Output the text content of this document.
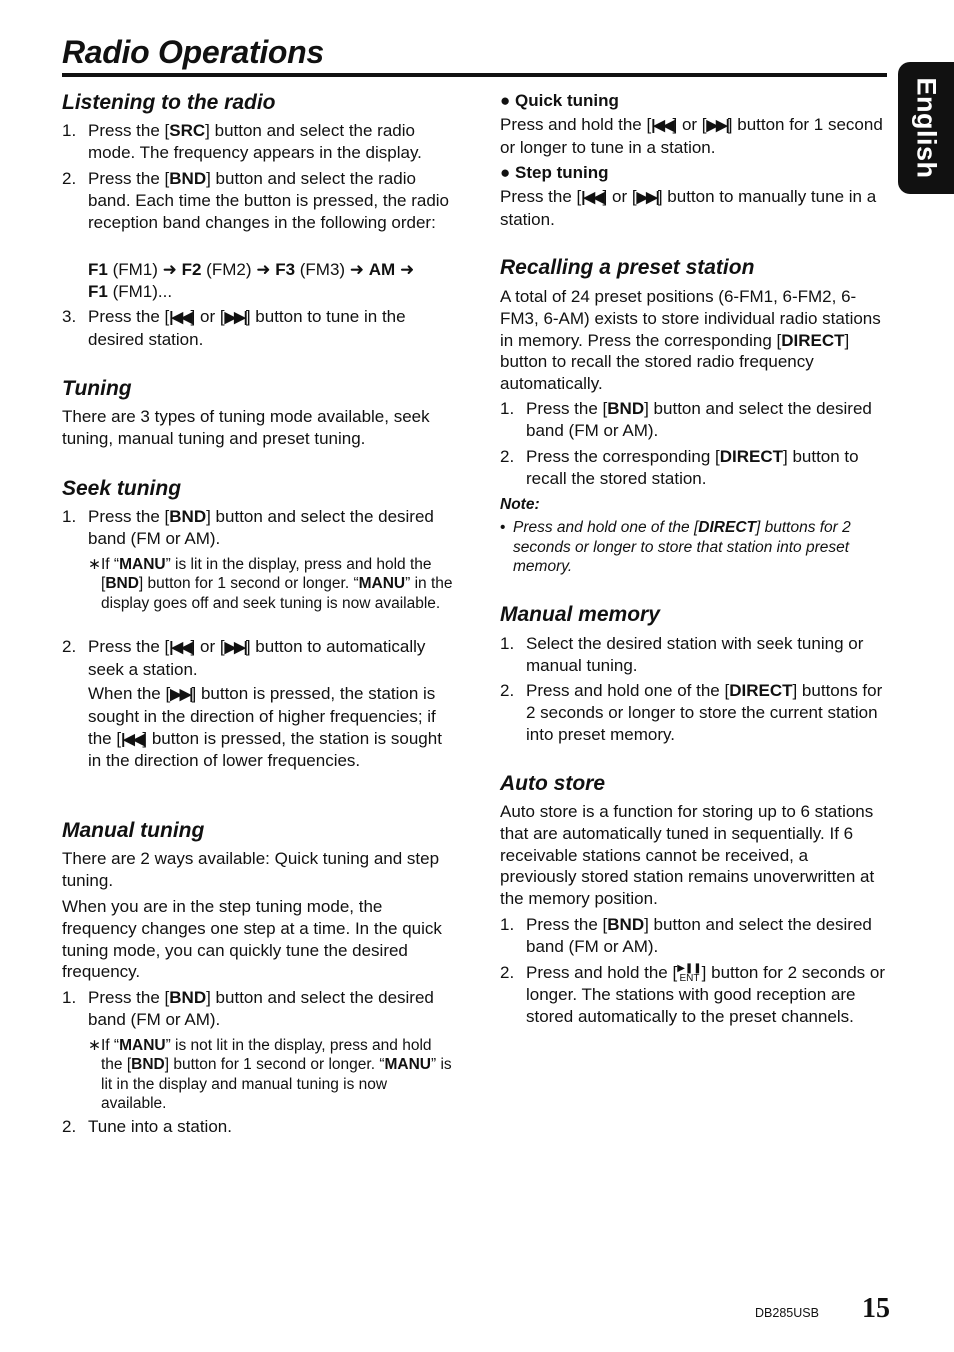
Radio Operations
English
Listening to the radio
1. Press the [SRC] button and select the radio mode. The frequency appears in the display.
2. Press the [BND] button and select the radio band. Each time the button is pressed, the radio reception band changes in the following order:
F1 (FM1) ➜ F2 (FM2) ➜ F3 (FM3) ➜ AM ➜
F1 (FM1)...
3. Press the [|◀◀] or [▶▶|] button to tune in the desired station.
Tuning

There are 3 types of tuning mode available, seek tuning, manual tuning and preset tuning.

Seek tuning
1. Press the [BND] button and select the desired band (FM or AM).
∗ If “MANU” is lit in the display, press and hold the [BND] button for 1 second or longer. “MANU” in the display goes off and seek tuning is now available.
2. Press the [|◀◀] or [▶▶|] button to automatically seek a station.
When the [▶▶|] button is pressed, the station is sought in the direction of higher frequencies; if the [|◀◀] button is pressed, the station is sought in the direction of lower frequencies.
Manual tuning

There are 2 ways available: Quick tuning and step tuning.

When you are in the step tuning mode, the frequency changes one step at a time. In the quick tuning mode, you can quickly tune the desired frequency.

1. Press the [BND] button and select the desired band (FM or AM).
∗ If “MANU” is not lit in the display, press and hold the [BND] button for 1 second or longer. “MANU” is lit in the display and manual tuning is now available.
2. Tune into a station.
● Quick tuning

Press and hold the [|◀◀] or [▶▶|] button for 1 second or longer to tune in a station.

● Step tuning

Press the [|◀◀] or [▶▶|] button to manually tune in a station.

Recalling a preset station

A total of 24 preset positions (6-FM1, 6-FM2, 6-FM3, 6-AM) exists to store individual radio stations in memory. Press the corresponding [DIRECT] button to recall the stored radio frequency automatically.

1. Press the [BND] button and select the desired band (FM or AM).
2. Press the corresponding [DIRECT] button to recall the stored station.
Note:
• Press and hold one of the [DIRECT] buttons for 2 seconds or longer to store that station into preset memory.
Manual memory
1. Select the desired station with seek tuning or manual tuning.
2. Press and hold one of the [DIRECT] buttons for 2 seconds or longer to store the current station into preset memory.
Auto store

Auto store is a function for storing up to 6 stations that are automatically tuned in sequentially. If 6 receivable stations cannot be received, a previously stored station remains unoverwritten at the memory position.

1. Press the [BND] button and select the desired band (FM or AM).
2. Press and hold the [▶❚❚
ENT ] button for 2 seconds or longer. The stations with good reception are stored automatically to the preset channels.
DB285USB 15
